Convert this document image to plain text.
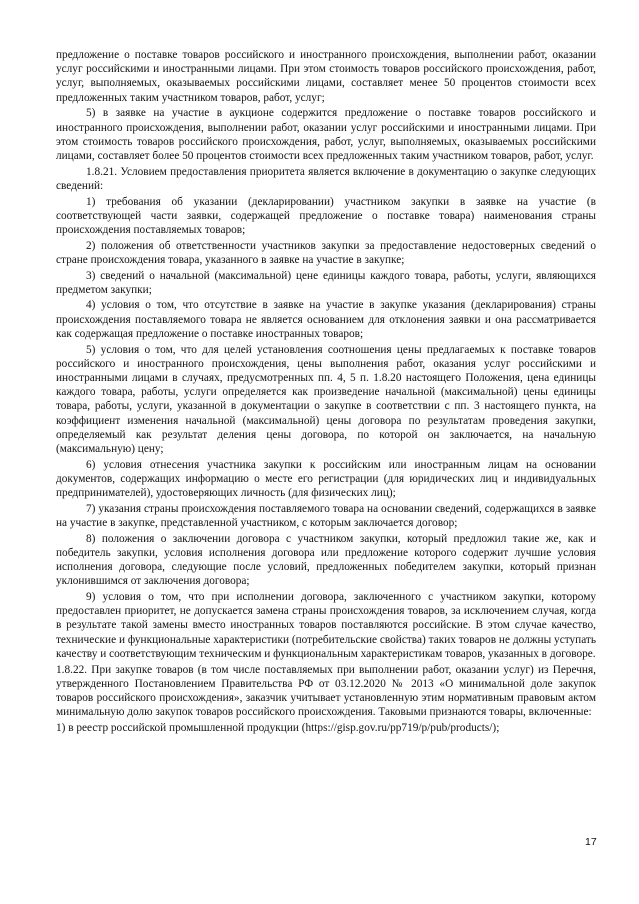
предложение о поставке товаров российского и иностранного происхождения, выполнении работ, оказании услуг российскими и иностранными лицами. При этом стоимость товаров российского происхождения, работ, услуг, выполняемых, оказываемых российскими лицами, составляет менее 50 процентов стоимости всех предложенных таким участником товаров, работ, услуг;

5) в заявке на участие в аукционе содержится предложение о поставке товаров российского и иностранного происхождения, выполнении работ, оказании услуг российскими и иностранными лицами. При этом стоимость товаров российского происхождения, работ, услуг, выполняемых, оказываемых российскими лицами, составляет более 50 процентов стоимости всех предложенных таким участником товаров, работ, услуг.

1.8.21. Условием предоставления приоритета является включение в документацию о закупке следующих сведений:

1) требования об указании (декларировании) участником закупки в заявке на участие (в соответствующей части заявки, содержащей предложение о поставке товара) наименования страны происхождения поставляемых товаров;

2) положения об ответственности участников закупки за предоставление недостоверных сведений о стране происхождения товара, указанного в заявке на участие в закупке;

3) сведений о начальной (максимальной) цене единицы каждого товара, работы, услуги, являющихся предметом закупки;

4) условия о том, что отсутствие в заявке на участие в закупке указания (декларирования) страны происхождения поставляемого товара не является основанием для отклонения заявки и она рассматривается как содержащая предложение о поставке иностранных товаров;

5) условия о том, что для целей установления соотношения цены предлагаемых к поставке товаров российского и иностранного происхождения, цены выполнения работ, оказания услуг российскими и иностранными лицами в случаях, предусмотренных пп. 4, 5 п. 1.8.20 настоящего Положения, цена единицы каждого товара, работы, услуги определяется как произведение начальной (максимальной) цены единицы товара, работы, услуги, указанной в документации о закупке в соответствии с пп. 3 настоящего пункта, на коэффициент изменения начальной (максимальной) цены договора по результатам проведения закупки, определяемый как результат деления цены договора, по которой он заключается, на начальную (максимальную) цену;

6) условия отнесения участника закупки к российским или иностранным лицам на основании документов, содержащих информацию о месте его регистрации (для юридических лиц и индивидуальных предпринимателей), удостоверяющих личность (для физических лиц);

7) указания страны происхождения поставляемого товара на основании сведений, содержащихся в заявке на участие в закупке, представленной участником, с которым заключается договор;

8) положения о заключении договора с участником закупки, который предложил такие же, как и победитель закупки, условия исполнения договора или предложение которого содержит лучшие условия исполнения договора, следующие после условий, предложенных победителем закупки, который признан уклонившимся от заключения договора;

9) условия о том, что при исполнении договора, заключенного с участником закупки, которому предоставлен приоритет, не допускается замена страны происхождения товаров, за исключением случая, когда в результате такой замены вместо иностранных товаров поставляются российские. В этом случае качество, технические и функциональные характеристики (потребительские свойства) таких товаров не должны уступать качеству и соответствующим техническим и функциональным характеристикам товаров, указанных в договоре.

1.8.22. При закупке товаров (в том числе поставляемых при выполнении работ, оказании услуг) из Перечня, утвержденного Постановлением Правительства РФ от 03.12.2020 № 2013 «О минимальной доле закупок товаров российского происхождения», заказчик учитывает установленную этим нормативным правовым актом минимальную долю закупок товаров российского происхождения. Таковыми признаются товары, включенные:

1) в реестр российской промышленной продукции (https://gisp.gov.ru/pp719/p/pub/products/);

17
